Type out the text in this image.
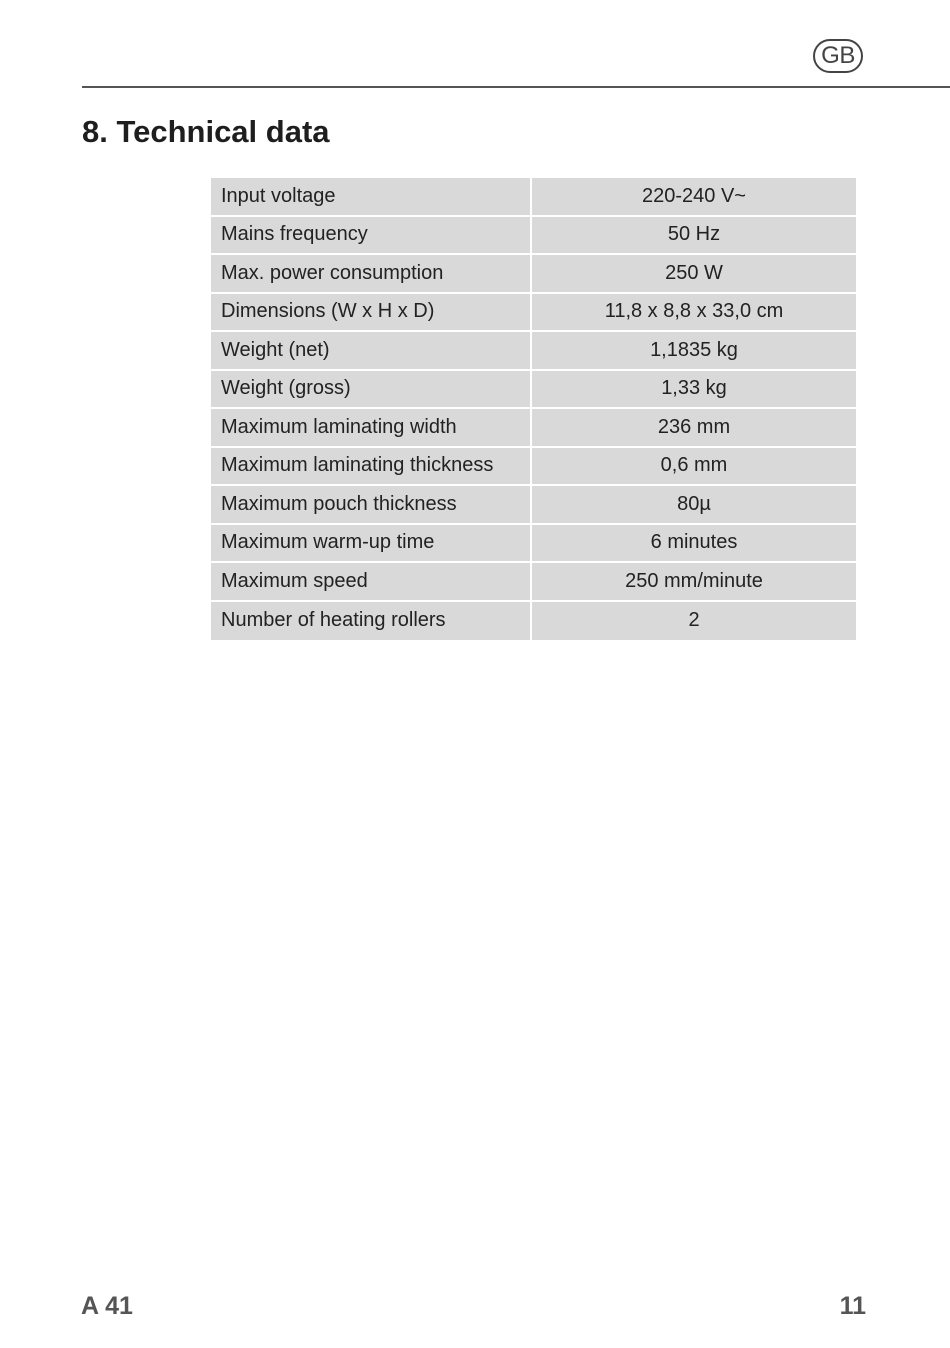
GB
8. Technical data
Input voltage	220-240 V~
Mains frequency	50 Hz
Max. power consumption	250 W
Dimensions (W x H x D)	11,8 x 8,8 x 33,0 cm
Weight (net)	1,1835 kg
Weight (gross)	1,33 kg
Maximum laminating width	236 mm
Maximum laminating thickness	0,6 mm
Maximum pouch thickness	80µ
Maximum warm-up time	6 minutes
Maximum speed	250 mm/minute
Number of heating rollers	2
A 41	11
